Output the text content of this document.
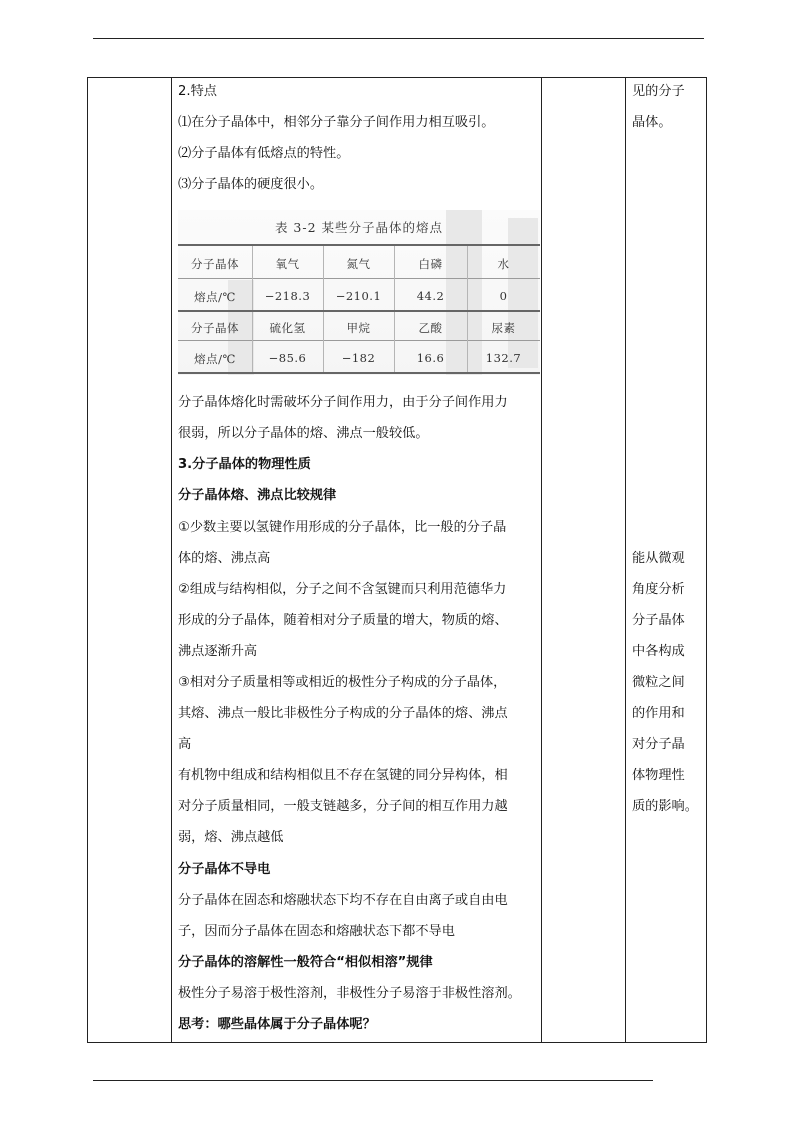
2.特点
⑴在分子晶体中，相邻分子靠分子间作用力相互吸引。
⑵分子晶体有低熔点的特性。
⑶分子晶体的硬度很小。
分子晶体熔化时需破坏分子间作用力，由于分子间作用力
很弱，所以分子晶体的熔、沸点一般较低。
3.分子晶体的物理性质
分子晶体熔、沸点比较规律
①少数主要以氢键作用形成的分子晶体，比一般的分子晶
体的熔、沸点高
②组成与结构相似，分子之间不含氢键而只利用范德华力
形成的分子晶体，随着相对分子质量的增大，物质的熔、
沸点逐渐升高
③相对分子质量相等或相近的极性分子构成的分子晶体，
其熔、沸点一般比非极性分子构成的分子晶体的熔、沸点
高
有机物中组成和结构相似且不存在氢键的同分异构体，相
对分子质量相同，一般支链越多，分子间的相互作用力越
弱，熔、沸点越低
分子晶体不导电
分子晶体在固态和熔融状态下均不存在自由离子或自由电
子，因而分子晶体在固态和熔融状态下都不导电
分子晶体的溶解性一般符合“相似相溶”规律
极性分子易溶于极性溶剂，非极性分子易溶于非极性溶剂。
思考：哪些晶体属于分子晶体呢？
表 3-2 某些分子晶体的熔点
分子晶体	氧气	氮气	白磷	水
熔点/℃	−218.3	−210.1	44.2	0
分子晶体	硫化氢	甲烷	乙酸	尿素
熔点/℃	−85.6	−182	16.6	132.7
见的分子
晶体。
能从微观
角度分析
分子晶体
中各构成
微粒之间
的作用和
对分子晶
体物理性
质的影响。
